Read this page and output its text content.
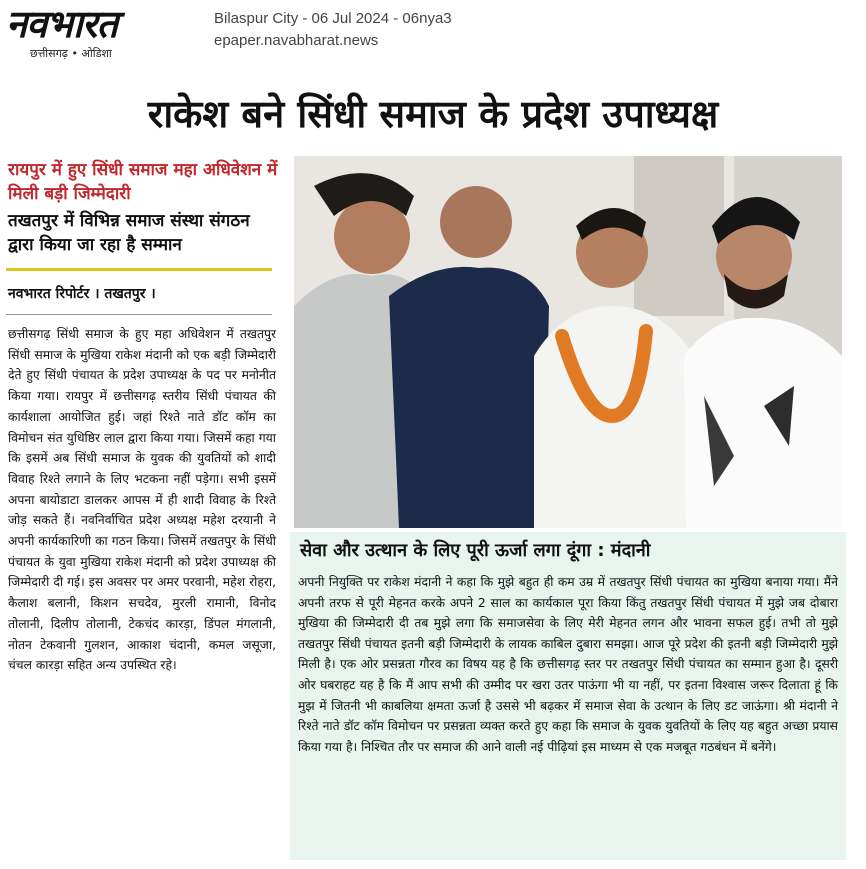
नवभारत
छत्तीसगढ़ • ओडिशा
Bilaspur City - 06 Jul 2024 - 06nya3
epaper.navabharat.news
राकेश बने सिंधी समाज के प्रदेश उपाध्यक्ष
रायपुर में हुए सिंधी समाज महा अधिवेशन में मिली बड़ी जिम्मेदारी
तखतपुर में विभिन्न समाज संस्था संगठन द्वारा किया जा रहा है सम्मान
नवभारत रिपोर्टर । तखतपुर ।
छत्तीसगढ़ सिंधी समाज के हुए महा अधिवेशन में तखतपुर सिंधी समाज के मुखिया राकेश मंदानी को एक बड़ी जिम्मेदारी देते हुए सिंधी पंचायत के प्रदेश उपाध्यक्ष के पद पर मनोनीत किया गया। रायपुर में छत्तीसगढ़ स्तरीय सिंधी पंचायत की कार्यशाला आयोजित हुई। जहां रिश्ते नाते डॉट कॉम का विमोचन संत युधिष्ठिर लाल द्वारा किया गया। जिसमें कहा गया कि इसमें अब सिंधी समाज के युवक की युवतियों को शादी विवाह रिश्ते लगाने के लिए भटकना नहीं पड़ेगा। सभी इसमें अपना बायोडाटा डालकर आपस में ही शादी विवाह के रिश्ते जोड़ सकते हैं। नवनिर्वाचित प्रदेश अध्यक्ष महेश दरयानी ने अपनी कार्यकारिणी का गठन किया। जिसमें तखतपुर के सिंधी पंचायत के युवा मुखिया राकेश मंदानी को प्रदेश उपाध्यक्ष की जिम्मेदारी दी गई। इस अवसर पर अमर परवानी, महेश रोहरा, कैलाश बलानी, किशन सचदेव, मुरली रामानी, विनोद तोलानी, दिलीप तोलानी, टेकचंद कारड़ा, डिंपल मंगलानी, नोतन टेकवानी गुलशन, आकाश चंदानी, कमल जसूजा, चंचल कारड़ा सहित अन्य उपस्थित रहे।
सेवा और उत्थान के लिए पूरी ऊर्जा लगा दूंगा : मंदानी
अपनी नियुक्ति पर राकेश मंदानी ने कहा कि मुझे बहुत ही कम उम्र में तखतपुर सिंधी पंचायत का मुखिया बनाया गया। मैंने अपनी तरफ से पूरी मेहनत करके अपने 2 साल का कार्यकाल पूरा किया किंतु तखतपुर सिंधी पंचायत में मुझे जब दोबारा मुखिया की जिम्मेदारी दी तब मुझे लगा कि समाजसेवा के लिए मेरी मेहनत लगन और भावना सफल हुई। तभी तो मुझे तखतपुर सिंधी पंचायत इतनी बड़ी जिम्मेदारी के लायक काबिल दुबारा समझा। आज पूरे प्रदेश की इतनी बड़ी जिम्मेदारी मुझे मिली है। एक ओर प्रसन्नता गौरव का विषय यह है कि छत्तीसगढ़ स्तर पर तखतपुर सिंधी पंचायत का सम्मान हुआ है। दूसरी ओर घबराहट यह है कि मैं आप सभी की उम्मीद पर खरा उतर पाऊंगा भी या नहीं, पर इतना विश्वास जरूर दिलाता हूं कि मुझ में जितनी भी काबलिया क्षमता ऊर्जा है उससे भी बढ़कर में समाज सेवा के उत्थान के लिए डट जाऊंगा। श्री मंदानी ने रिश्ते नाते डॉट कॉम विमोचन पर प्रसन्नता व्यक्त करते हुए कहा कि समाज के युवक युवतियों के लिए यह बहुत अच्छा प्रयास किया गया है। निश्चित तौर पर समाज की आने वाली नई पीढ़ियां इस माध्यम से एक मजबूत गठबंधन में बनेंगे।
